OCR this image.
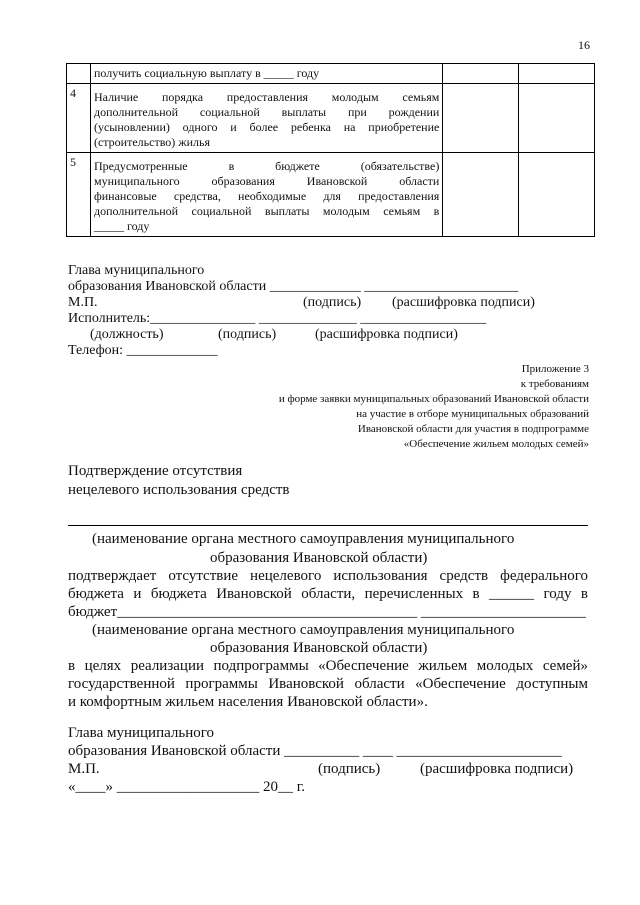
16

	получить социальную выплату в _____ году		

4	Наличие порядка предоставления молодым семьям
дополнительной социальной выплаты при рождении
(усыновлении) одного и более ребенка на приобретение
(строительство) жилья		

5	Предусмотренные в бюджете (обязательстве)
муниципального образования Ивановской области
финансовые средства, необходимые для предоставления
дополнительной социальной выплаты молодым семьям в
_____ году		

Глава муниципального
образования Ивановской области _____________ ______________________
М.П.	(подпись) (расшифровка подписи)
Исполнитель:_______________ ______________ __________________
(должность)	(подпись)	(расшифровка подписи)
Телефон: _____________
Приложение 3
к требованиям
и форме заявки муниципальных образований Ивановской области
на участие в отборе муниципальных образований
Ивановской области для участия в подпрограмме
«Обеспечение жильем молодых семей»
Подтверждение отсутствия
нецелевого использования средств
(наименование органа местного самоуправления муниципального
образования Ивановской области)
подтверждает отсутствие нецелевого использования средств федерального
бюджета и бюджета Ивановской области, перечисленных в ______ году в
бюджет________________________________________ ______________________
(наименование органа местного самоуправления муниципального
образования Ивановской области)
в целях реализации подпрограммы «Обеспечение жильем молодых семей»
государственной программы Ивановской области «Обеспечение доступным
и комфортным жильем населения Ивановской области».
Глава муниципального
образования Ивановской области __________ ____ ______________________
М.П.	(подпись)	(расшифровка подписи)
«____» ___________________ 20__ г.
